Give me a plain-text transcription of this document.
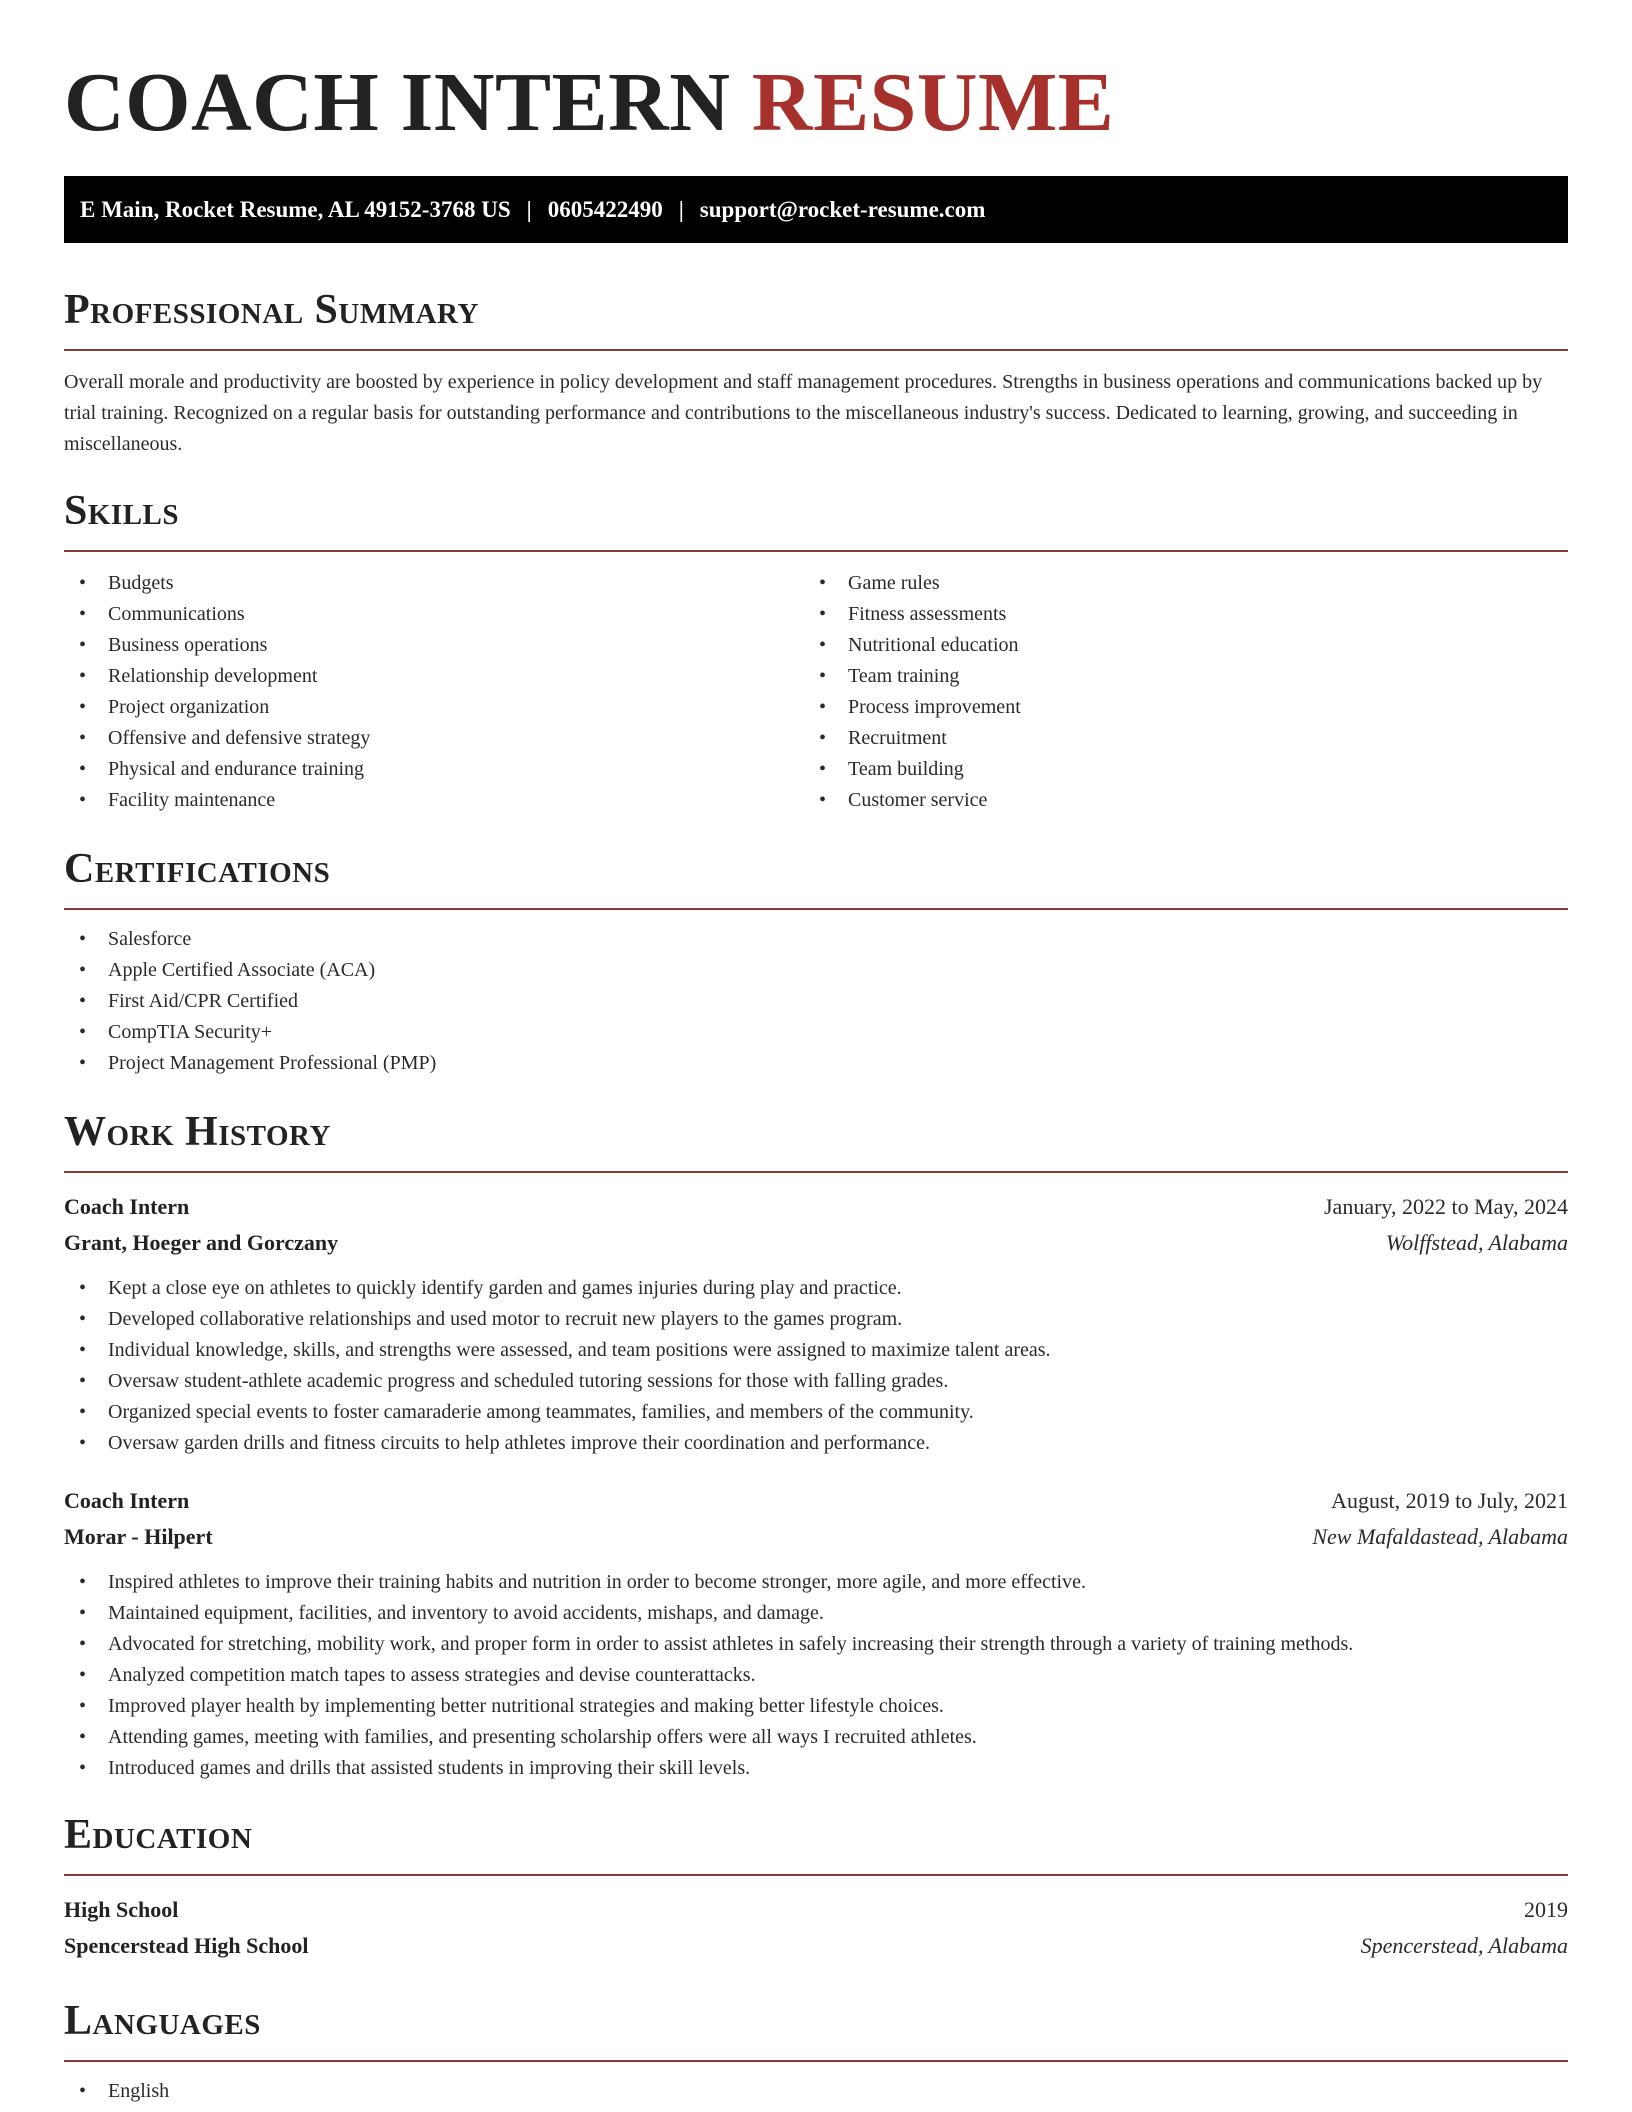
COACH INTERN RESUME
E Main, Rocket Resume, AL 49152-3768 US | 0605422490 | support@rocket-resume.com
Professional Summary

Overall morale and productivity are boosted by experience in policy development and staff management procedures. Strengths in business operations and communications backed up by trial training. Recognized on a regular basis for outstanding performance and contributions to the miscellaneous industry's success. Dedicated to learning, growing, and succeeding in miscellaneous.

Skills
• Budgets
• Communications
• Business operations
• Relationship development
• Project organization
• Offensive and defensive strategy
• Physical and endurance training
• Facility maintenance
• Game rules
• Fitness assessments
• Nutritional education
• Team training
• Process improvement
• Recruitment
• Team building
• Customer service
Certifications
• Salesforce
• Apple Certified Associate (ACA)
• First Aid/CPR Certified
• CompTIA Security+
• Project Management Professional (PMP)
Work History
Coach Intern	January, 2022 to May, 2024
Grant, Hoeger and Gorczany	Wolffstead, Alabama
• Kept a close eye on athletes to quickly identify garden and games injuries during play and practice.
• Developed collaborative relationships and used motor to recruit new players to the games program.
• Individual knowledge, skills, and strengths were assessed, and team positions were assigned to maximize talent areas.
• Oversaw student-athlete academic progress and scheduled tutoring sessions for those with falling grades.
• Organized special events to foster camaraderie among teammates, families, and members of the community.
• Oversaw garden drills and fitness circuits to help athletes improve their coordination and performance.
Coach Intern	August, 2019 to July, 2021
Morar - Hilpert	New Mafaldastead, Alabama
• Inspired athletes to improve their training habits and nutrition in order to become stronger, more agile, and more effective.
• Maintained equipment, facilities, and inventory to avoid accidents, mishaps, and damage.
• Advocated for stretching, mobility work, and proper form in order to assist athletes in safely increasing their strength through a variety of training methods.
• Analyzed competition match tapes to assess strategies and devise counterattacks.
• Improved player health by implementing better nutritional strategies and making better lifestyle choices.
• Attending games, meeting with families, and presenting scholarship offers were all ways I recruited athletes.
• Introduced games and drills that assisted students in improving their skill levels.
Education
High School	2019
Spencerstead High School	Spencerstead, Alabama
Languages
• English
